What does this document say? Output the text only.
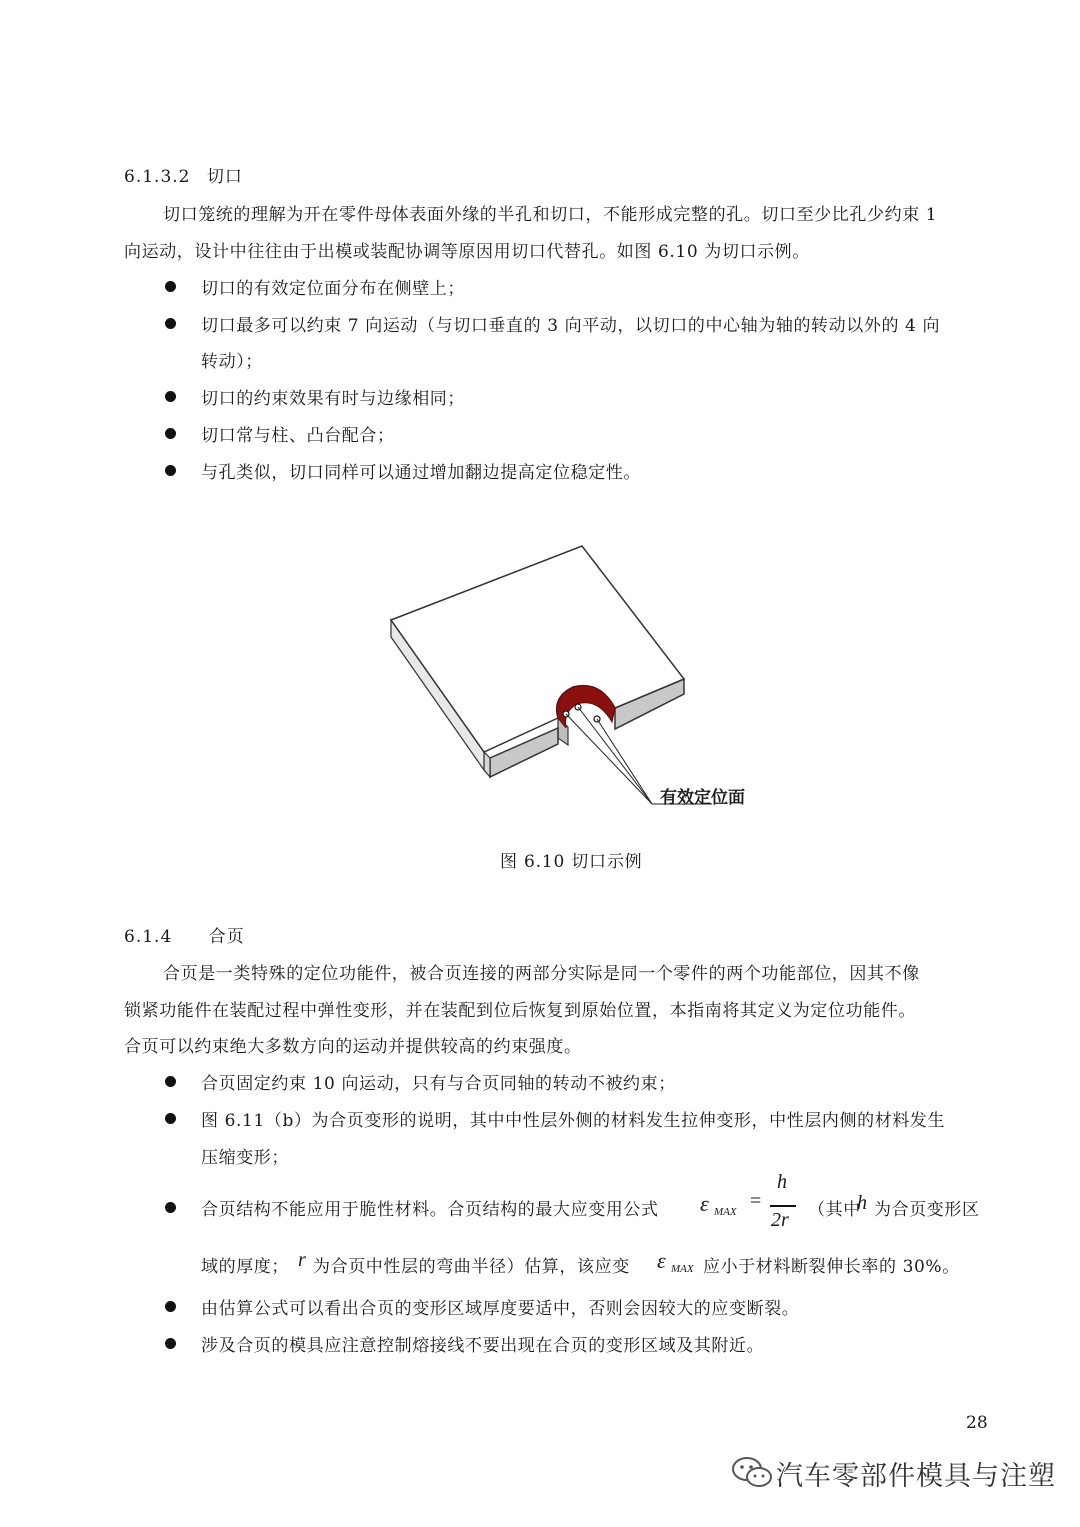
6.1.3.2 切口
切口笼统的理解为开在零件母体表面外缘的半孔和切口，不能形成完整的孔。切口至少比孔少约束 1
向运动，设计中往往由于出模或装配协调等原因用切口代替孔。如图 6.10 为切口示例。
切口的有效定位面分布在侧壁上；
切口最多可以约束 7 向运动（与切口垂直的 3 向平动，以切口的中心轴为轴的转动以外的 4 向
转动）；
切口的约束效果有时与边缘相同；
切口常与柱、凸台配合；
与孔类似，切口同样可以通过增加翻边提高定位稳定性。
有效定位面
图 6.10 切口示例
6.1.4 合页
合页是一类特殊的定位功能件，被合页连接的两部分实际是同一个零件的两个功能部位，因其不像
锁紧功能件在装配过程中弹性变形，并在装配到位后恢复到原始位置，本指南将其定义为定位功能件。
合页可以约束绝大多数方向的运动并提供较高的约束强度。
合页固定约束 10 向运动，只有与合页同轴的转动不被约束；
图 6.11（b）为合页变形的说明，其中中性层外侧的材料发生拉伸变形，中性层内侧的材料发生
压缩变形；
合页结构不能应用于脆性材料。合页结构的最大应变用公式 ε MAX =
h
2r （其中
h 为合页变形区
域的厚度； r 为合页中性层的弯曲半径）估算，该应变 ε MAX 应小于材料断裂伸长率的 30%。
由估算公式可以看出合页的变形区域厚度要适中，否则会因较大的应变断裂。
涉及合页的模具应注意控制熔接线不要出现在合页的变形区域及其附近。
28
汽车零部件模具与注塑
